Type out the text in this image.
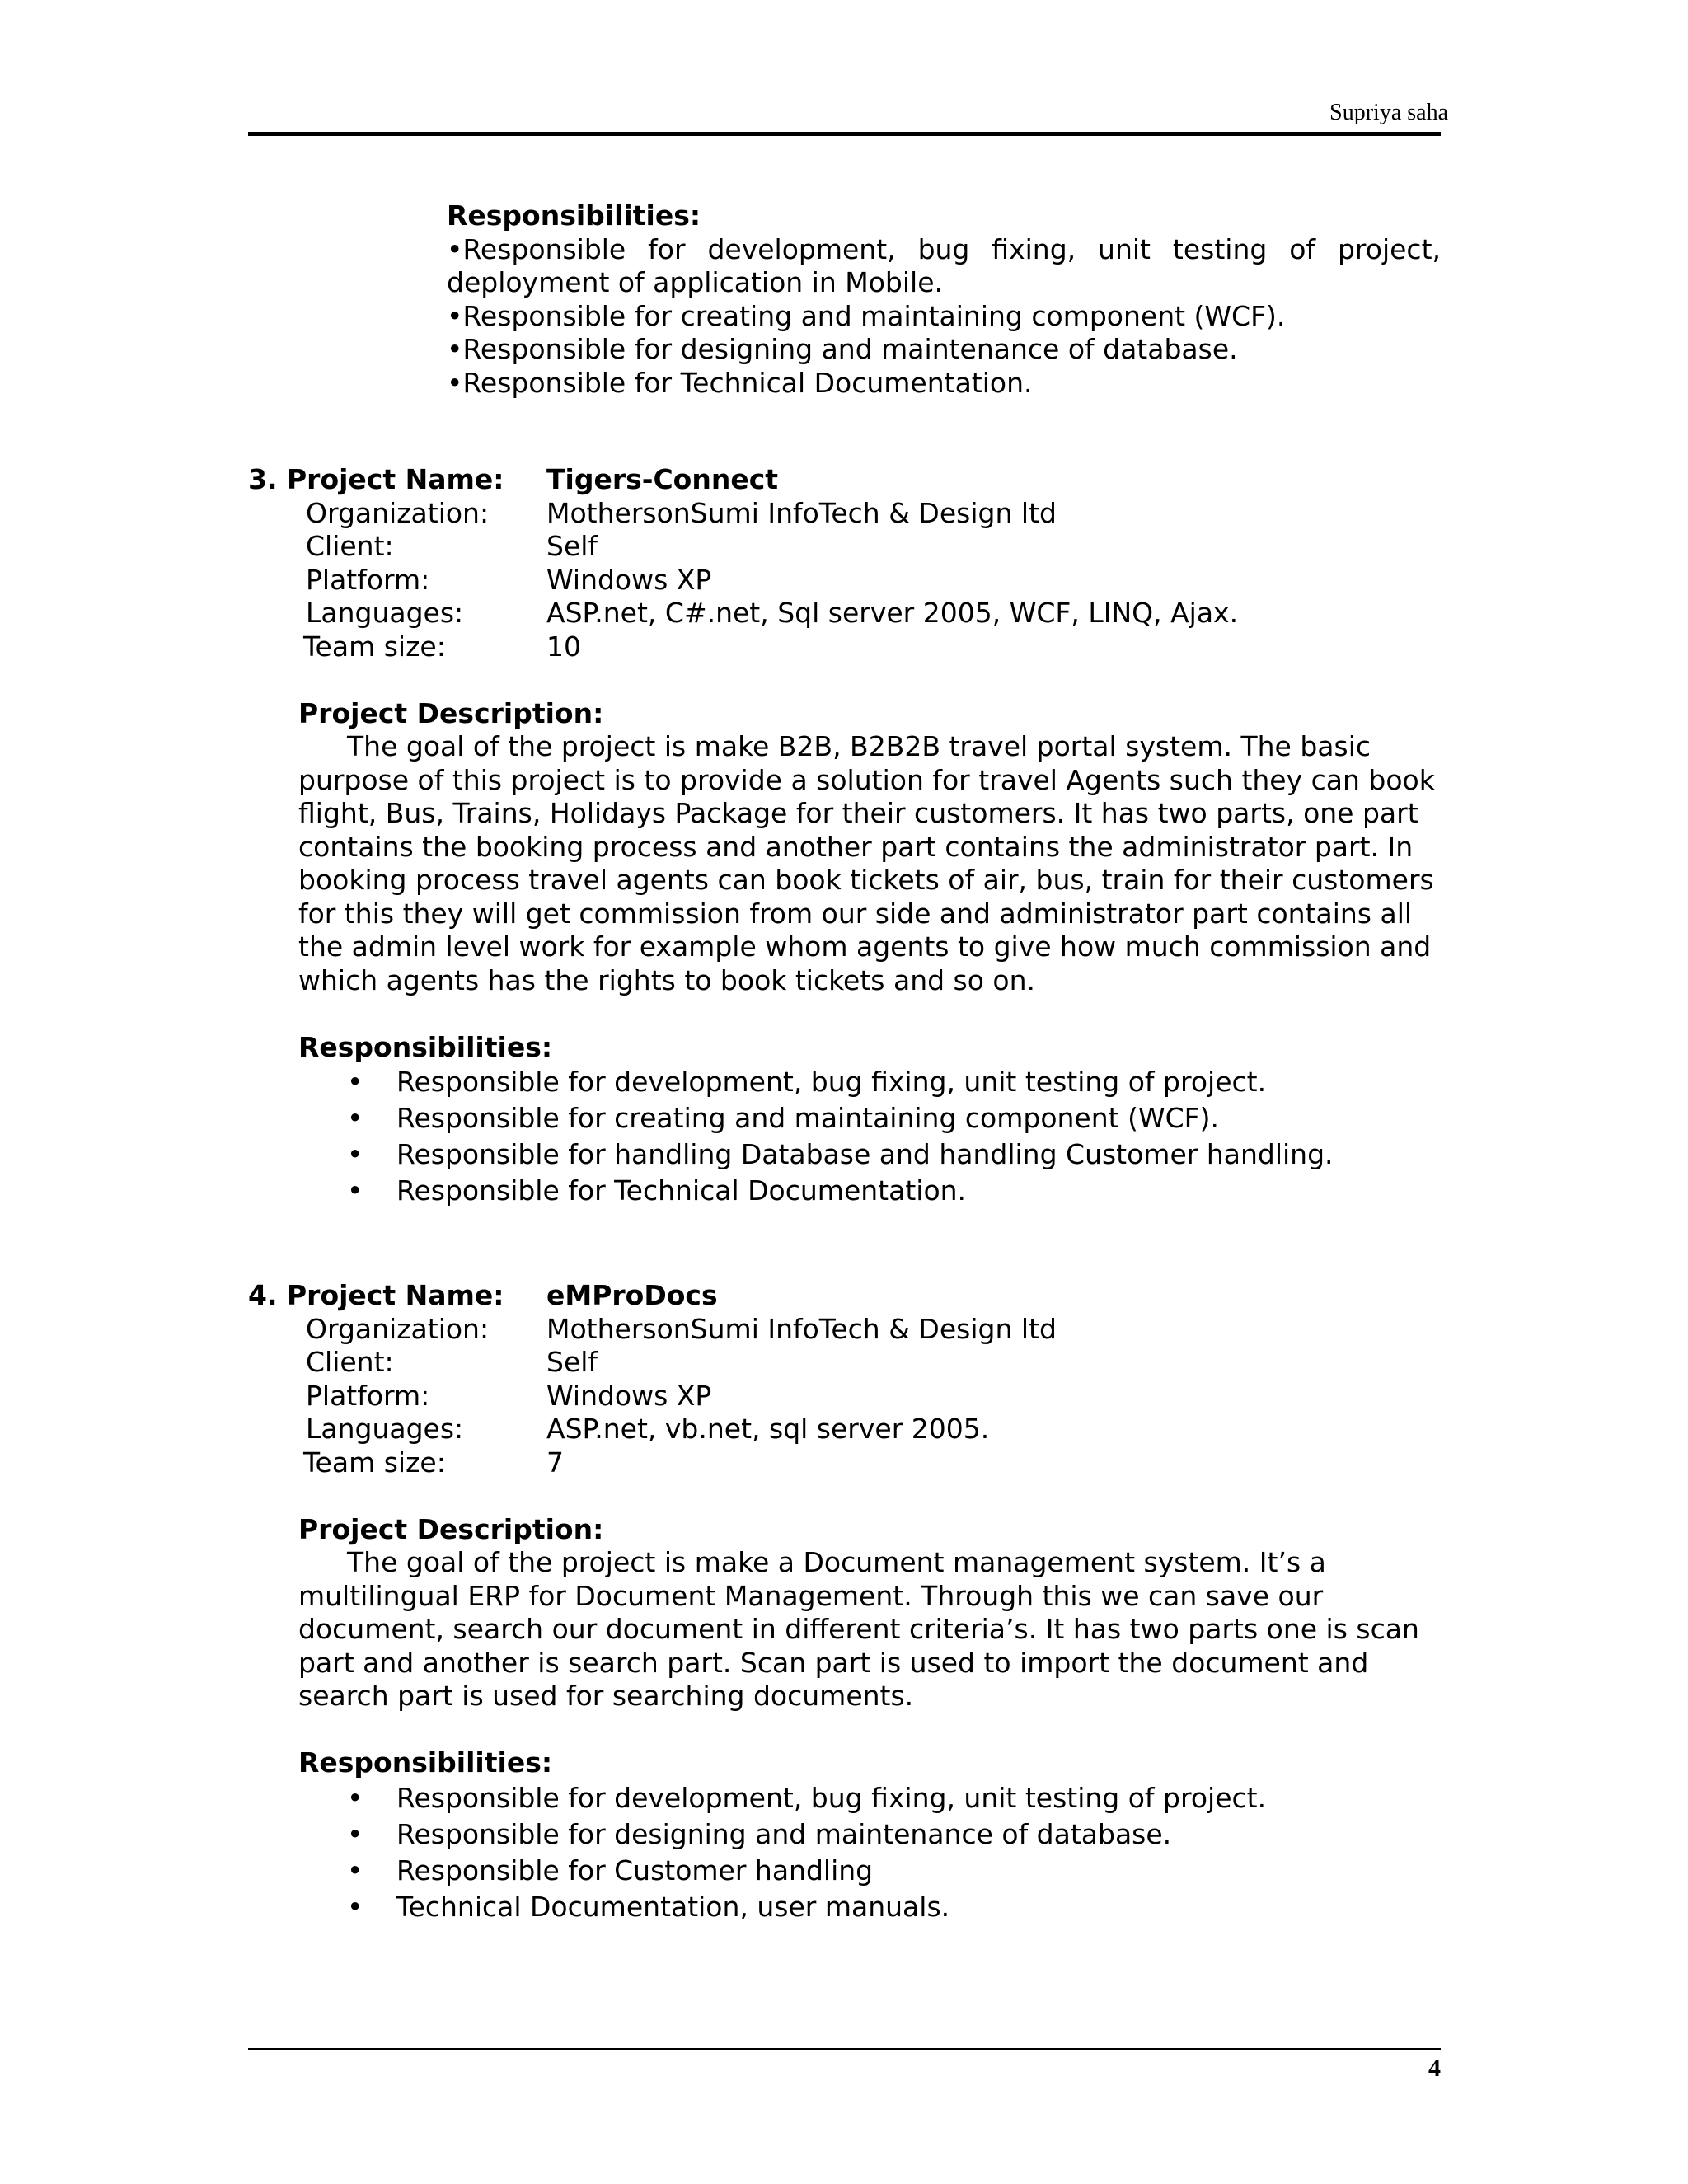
Supriya saha
Responsibilities:
•Responsible for development, bug fixing, unit testing of project, deployment of application in Mobile.
•Responsible for creating and maintaining component (WCF).
•Responsible for designing and maintenance of database.
•Responsible for Technical Documentation.
3. Project Name: Tigers-Connect
Organization: MothersonSumi InfoTech & Design ltd
Client:	Self
Platform:	Windows XP
Languages:	ASP.net, C#.net, Sql server 2005, WCF, LINQ, Ajax.
Team size:	10
Project Description:

The goal of the project is make B2B, B2B2B travel portal system. The basic purpose of this project is to provide a solution for travel Agents such they can book flight, Bus, Trains, Holidays Package for their customers. It has two parts, one part contains the booking process and another part contains the administrator part. In booking process travel agents can book tickets of air, bus, train for their customers for this they will get commission from our side and administrator part contains all the admin level work for example whom agents to give how much commission and which agents has the rights to book tickets and so on.

Responsibilities:
• Responsible for development, bug fixing, unit testing of project.
• Responsible for creating and maintaining component (WCF).
• Responsible for handling Database and handling Customer handling.
• Responsible for Technical Documentation.
4. Project Name: eMProDocs
Organization: MothersonSumi InfoTech & Design ltd
Client:	Self
Platform:	Windows XP
Languages:	ASP.net, vb.net, sql server 2005.
Team size:	7
Project Description:

The goal of the project is make a Document management system. It’s a multilingual ERP for Document Management. Through this we can save our document, search our document in different criteria’s. It has two parts one is scan part and another is search part. Scan part is used to import the document and search part is used for searching documents.

Responsibilities:
• Responsible for development, bug fixing, unit testing of project.
• Responsible for designing and maintenance of database.
• Responsible for Customer handling
• Technical Documentation, user manuals.
4
